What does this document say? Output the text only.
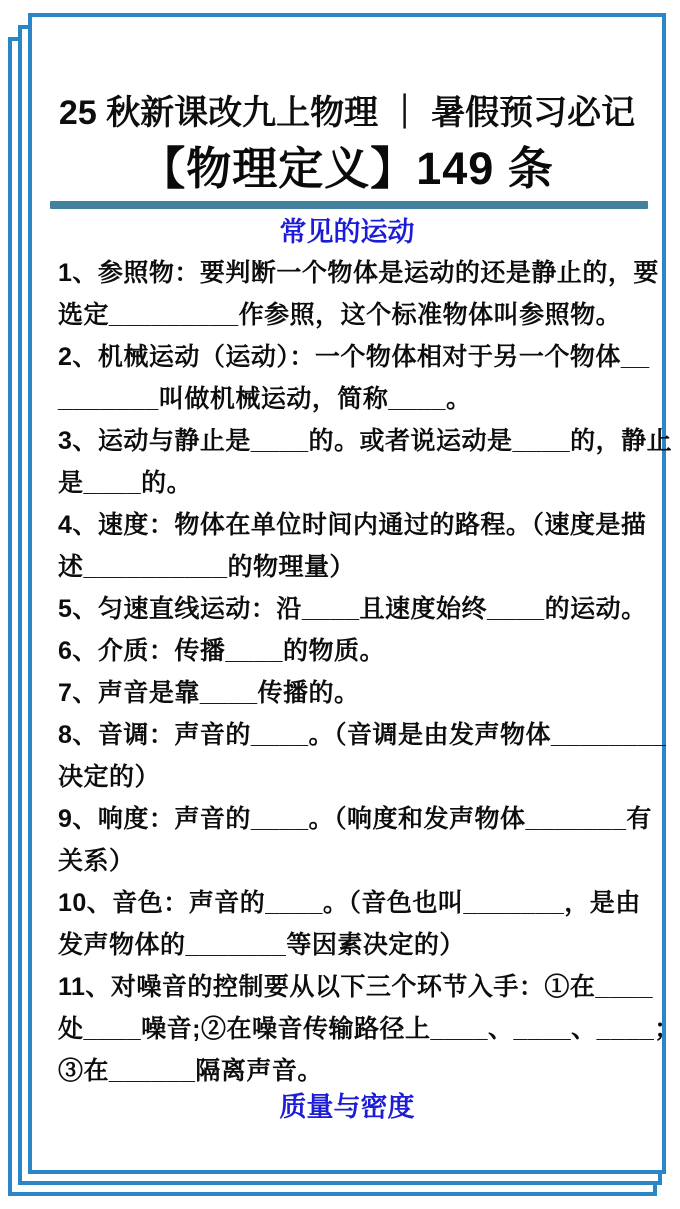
25 秋新课改九上物理 ｜ 暑假预习必记
【物理定义】149 条
常见的运动
1、参照物：要判断一个物体是运动的还是静止的，要
选定_________作参照，这个标准物体叫参照物。
2、机械运动（运动）：一个物体相对于另一个物体__
_______叫做机械运动，简称____。
3、运动与静止是____的。或者说运动是____的，静止
是____的。
4、速度：物体在单位时间内通过的路程。（速度是描
述__________的物理量）
5、匀速直线运动：沿____且速度始终____的运动。
6、介质：传播____的物质。
7、声音是靠____传播的。
8、音调：声音的____。（音调是由发声物体________
决定的）
9、响度：声音的____。（响度和发声物体_______有
关系）
10、音色：声音的____。（音色也叫_______，是由
发声物体的_______等因素决定的）
11、对噪音的控制要从以下三个环节入手：①在____
处____噪音;②在噪音传输路径上____、____、____；
③在______隔离声音。
质量与密度
